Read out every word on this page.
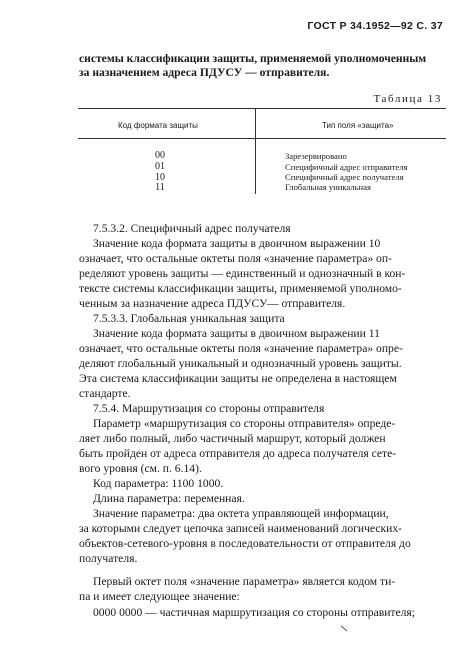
ГОСТ Р 34.1952—92 С. 37
системы классификации защиты, применяемой уполномоченным
за назначением адреса ПДУСУ — отправителя.
Таблица 13
Код формата защиты	Тип поля «защита»
00	Зарезервировано
01	Специфичный адрес отправителя
10	Специфичный адрес получателя
11	Глобальная уникальная
7.5.3.2. Специфичный адрес получателя
Значение кода формата защиты в двоичном выражении 10
означает, что остальные октеты поля «значение параметра» оп-
ределяют уровень защиты — единственный и однозначный в кон-
тексте системы классификации защиты, применяемой уполномо-
ченным за назначение адреса ПДУСУ— отправителя.
7.5.3.3. Глобальная уникальная защита
Значение кода формата защиты в двоичном выражении 11
означает, что остальные октеты поля «значение параметра» опре-
деляют глобальный уникальный и однозначный уровень защиты.
Эта система классификации защиты не определена в настоящем
стандарте.
7.5.4. Маршрутизация со стороны отправителя
Параметр «маршрутизация со стороны отправителя» опреде-
ляет либо полный, либо частичный маршрут, который должен
быть пройден от адреса отправителя до адреса получателя сете-
вого уровня (см. п. 6.14).
Код параметра: 1100 1000.
Длина параметра: переменная.
Значение параметра: два октета управляющей информации,
за которыми следует цепочка записей наименований логических-
объектов-сетевого-уровня в последовательности от отправителя до
получателя.
Первый октет поля «значение параметра» является кодом ти-
па и имеет следующее значение:
0000 0000 — частичная маршрутизация со стороны отправителя;
